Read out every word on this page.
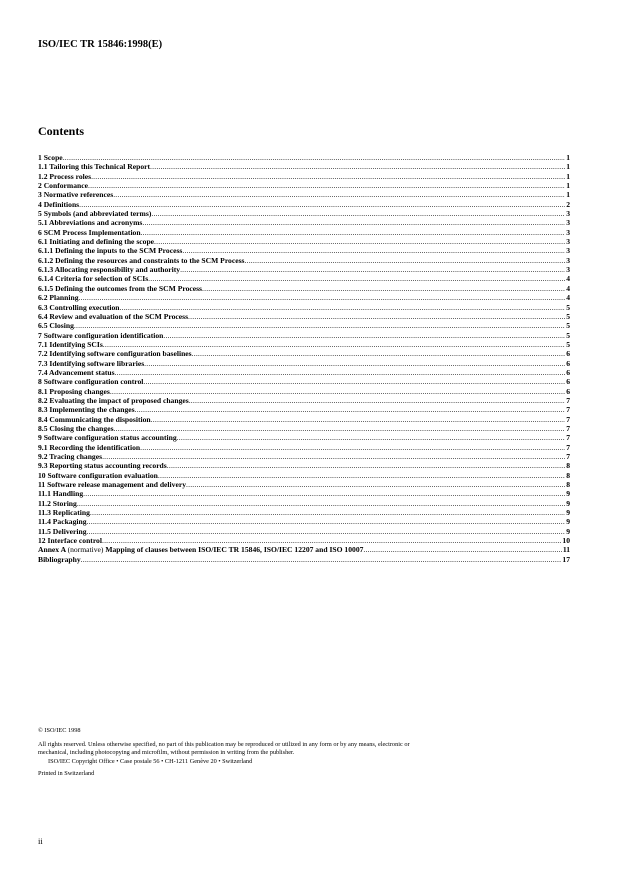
ISO/IEC TR 15846:1998(E)
Contents
1 Scope .....	1
1.1 Tailoring this Technical Report .....	1
1.2 Process roles .....	1
2 Conformance .....	1
3 Normative references .....	1
4 Definitions .....	2
5 Symbols (and abbreviated terms) .....	3
5.1 Abbreviations and acronyms .....	3
6 SCM Process Implementation .....	3
6.1 Initiating and defining the scope .....	3
6.1.1 Defining the inputs to the SCM Process .....	3
6.1.2 Defining the resources and constraints to the SCM Process .....	3
6.1.3 Allocating responsibility and authority .....	3
6.1.4 Criteria for selection of SCIs .....	4
6.1.5 Defining the outcomes from the SCM Process .....	4
6.2 Planning .....	4
6.3 Controlling execution .....	5
6.4 Review and evaluation of the SCM Process .....	5
6.5 Closing .....	5
7 Software configuration identification .....	5
7.1 Identifying SCIs .....	5
7.2 Identifying software configuration baselines .....	6
7.3 Identifying software libraries .....	6
7.4 Advancement status .....	6
8 Software configuration control .....	6
8.1 Proposing changes .....	6
8.2 Evaluating the impact of proposed changes .....	7
8.3 Implementing the changes .....	7
8.4 Communicating the disposition .....	7
8.5 Closing the changes .....	7
9 Software configuration status accounting .....	7
9.1 Recording the identification .....	7
9.2 Tracing changes .....	7
9.3 Reporting status accounting records .....	8
10 Software configuration evaluation .....	8
11 Software release management and delivery .....	8
11.1 Handling .....	9
11.2 Storing .....	9
11.3 Replicating .....	9
11.4 Packaging .....	9
11.5 Delivering .....	9
12 Interface control .....	10
Annex A (normative) Mapping of clauses between ISO/IEC TR 15846, ISO/IEC 12207 and ISO 10007 .....	11
Bibliography .....	17
© ISO/IEC 1998
All rights reserved. Unless otherwise specified, no part of this publication may be reproduced or utilized in any form or by any means, electronic or
mechanical, including photocopying and microfilm, without permission in writing from the publisher.
ISO/IEC Copyright Office • Case postale 56 • CH-1211 Genève 20 • Switzerland
Printed in Switzerland
ii
